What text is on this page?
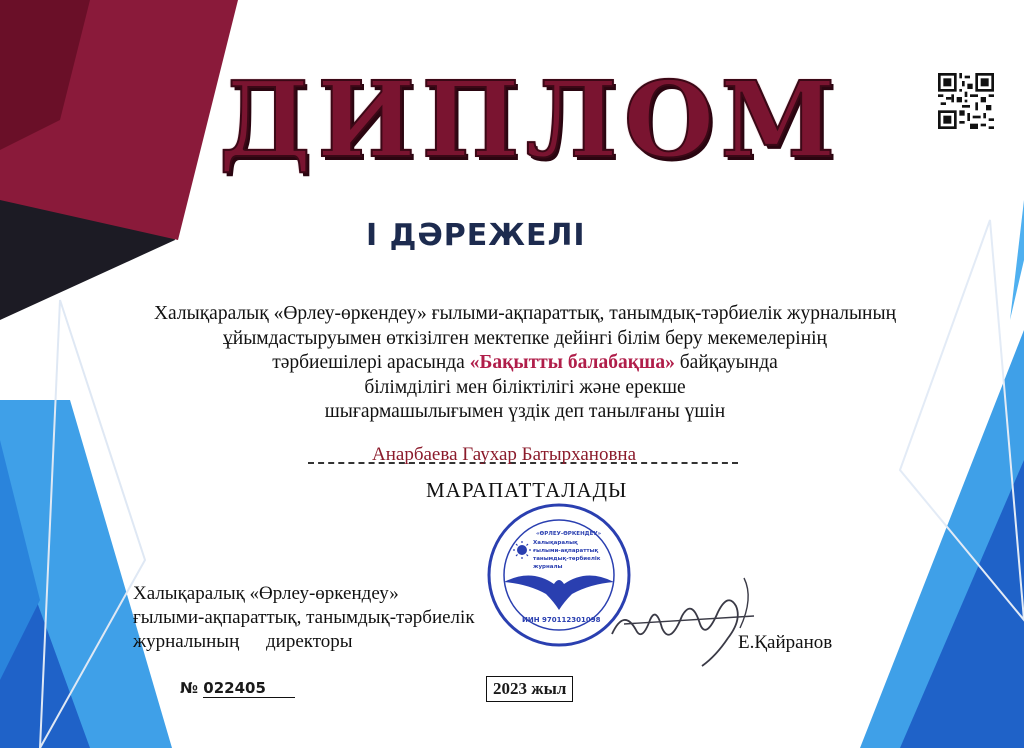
ДИПЛОМ
І ДӘРЕЖЕЛІ
Халықаралық «Өрлеу-өркендеу» ғылыми-ақпараттық, танымдық-тәрбиелік журналының
ұйымдастыруымен өткізілген мектепке дейінгі білім беру мекемелерінің
тәрбиешілері арасында «Бақытты балабақша» байқауында
білімділігі мен біліктілігі және ерекше
шығармашылығымен үздік деп танылғаны үшін
Анарбаева Гаухар Батырхановна
МАРАПАТТАЛАДЫ
Халықаралық «Өрлеу-өркендеу»
ғылыми-ақпараттық, танымдық-тәрбиелік
журналының директоры
«ӨРЛЕУ-ӨРКЕНДЕУ»
Халықаралық
ғылыми-ақпараттық
танымдық-тәрбиелік
журналы
ИИН 970112301098
Е.Қайранов
№ 022405	2023 жыл
